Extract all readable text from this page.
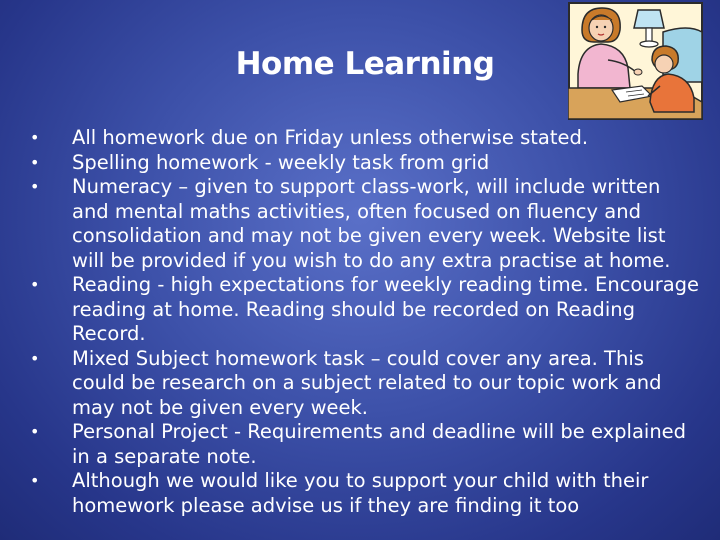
Home Learning
•	All homework due on Friday unless otherwise stated.
•	Spelling homework - weekly task from grid
•	Numeracy – given to support class-work, will include written and mental maths activities, often focused on fluency and consolidation and may not be given every week. Website list will be provided if you wish to do any extra practise at home.
•	Reading - high expectations for weekly reading time. Encourage reading at home. Reading should be recorded on Reading Record.
•	Mixed Subject homework task – could cover any area. This could be research on a subject related to our topic work and may not be given every week.
•	Personal Project - Requirements and deadline will be explained in a separate note.
•	Although we would like you to support your child with their homework please advise us if they are finding it too
